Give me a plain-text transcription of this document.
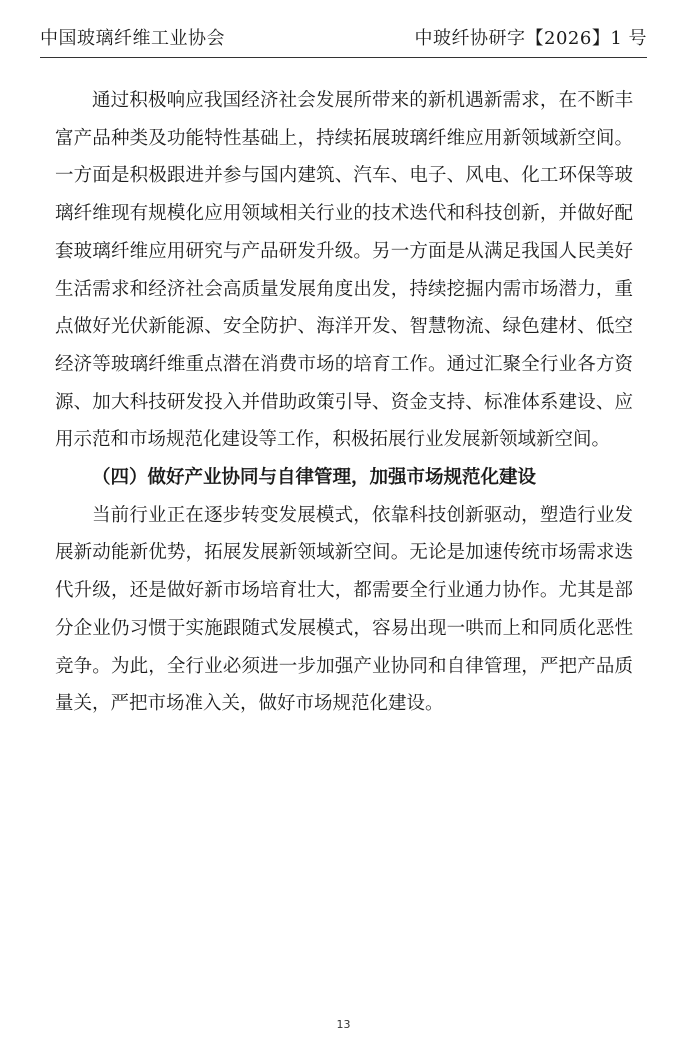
中国玻璃纤维工业协会	中玻纤协研字【2026】1 号

通过积极响应我国经济社会发展所带来的新机遇新需求，在不断丰富产品种类及功能特性基础上，持续拓展玻璃纤维应用新领域新空间。一方面是积极跟进并参与国内建筑、汽车、电子、风电、化工环保等玻璃纤维现有规模化应用领域相关行业的技术迭代和科技创新，并做好配套玻璃纤维应用研究与产品研发升级。另一方面是从满足我国人民美好生活需求和经济社会高质量发展角度出发，持续挖掘内需市场潜力，重点做好光伏新能源、安全防护、海洋开发、智慧物流、绿色建材、低空经济等玻璃纤维重点潜在消费市场的培育工作。通过汇聚全行业各方资源、加大科技研发投入并借助政策引导、资金支持、标准体系建设、应用示范和市场规范化建设等工作，积极拓展行业发展新领域新空间。

（四）做好产业协同与自律管理，加强市场规范化建设

当前行业正在逐步转变发展模式，依靠科技创新驱动，塑造行业发展新动能新优势，拓展发展新领域新空间。无论是加速传统市场需求迭代升级，还是做好新市场培育壮大，都需要全行业通力协作。尤其是部分企业仍习惯于实施跟随式发展模式，容易出现一哄而上和同质化恶性竞争。为此，全行业必须进一步加强产业协同和自律管理，严把产品质量关，严把市场准入关，做好市场规范化建设。

13
